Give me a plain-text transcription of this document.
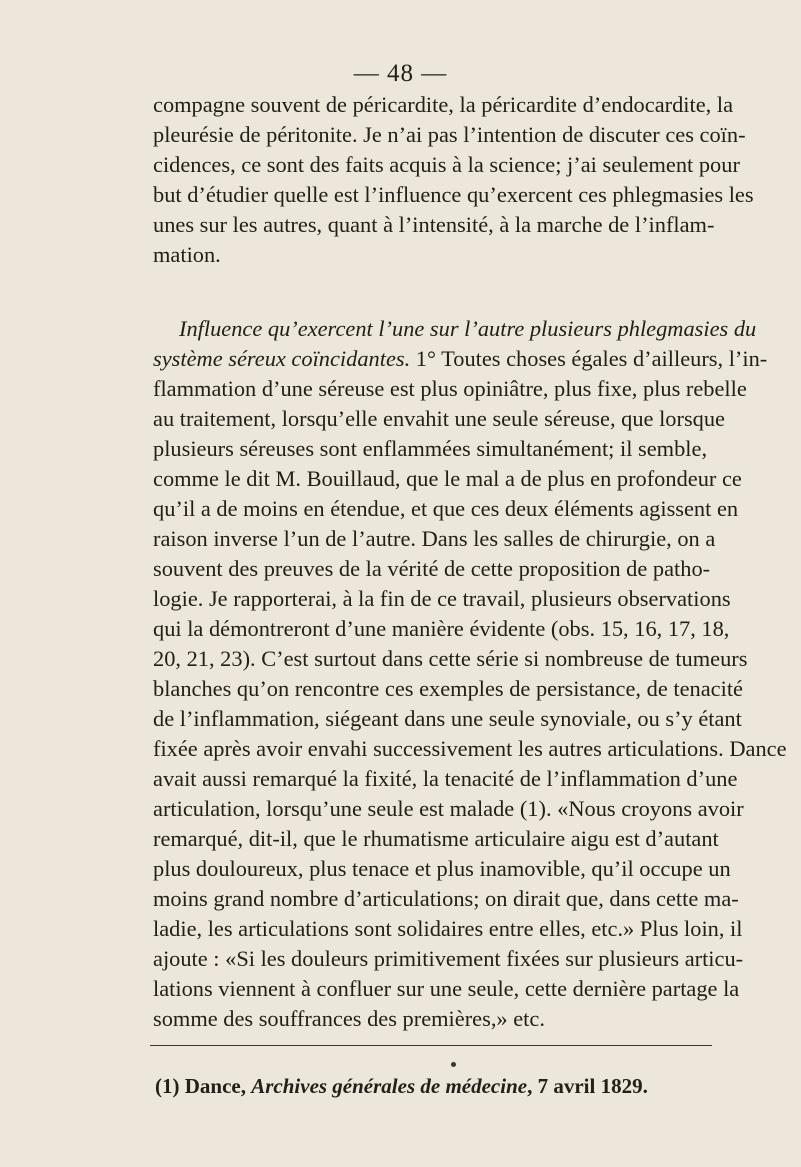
— 48 —
compagne souvent de péricardite, la péricardite d’endocardite, la
pleurésie de péritonite. Je n’ai pas l’intention de discuter ces coïn-
cidences, ce sont des faits acquis à la science; j’ai seulement pour
but d’étudier quelle est l’influence qu’exercent ces phlegmasies les
unes sur les autres, quant à l’intensité, à la marche de l’inflam-
mation.
Influence qu’exercent l’une sur l’autre plusieurs phlegmasies du
système séreux coïncidantes. 1° Toutes choses égales d’ailleurs, l’in-
flammation d’une séreuse est plus opiniâtre, plus fixe, plus rebelle
au traitement, lorsqu’elle envahit une seule séreuse, que lorsque
plusieurs séreuses sont enflammées simultanément; il semble,
comme le dit M. Bouillaud, que le mal a de plus en profondeur ce
qu’il a de moins en étendue, et que ces deux éléments agissent en
raison inverse l’un de l’autre. Dans les salles de chirurgie, on a
souvent des preuves de la vérité de cette proposition de patho-
logie. Je rapporterai, à la fin de ce travail, plusieurs observations
qui la démontreront d’une manière évidente (obs. 15, 16, 17, 18,
20, 21, 23). C’est surtout dans cette série si nombreuse de tumeurs
blanches qu’on rencontre ces exemples de persistance, de tenacité
de l’inflammation, siégeant dans une seule synoviale, ou s’y étant
fixée après avoir envahi successivement les autres articulations. Dance
avait aussi remarqué la fixité, la tenacité de l’inflammation d’une
articulation, lorsqu’une seule est malade (1). «Nous croyons avoir
remarqué, dit-il, que le rhumatisme articulaire aigu est d’autant
plus douloureux, plus tenace et plus inamovible, qu’il occupe un
moins grand nombre d’articulations; on dirait que, dans cette ma-
ladie, les articulations sont solidaires entre elles, etc.» Plus loin, il
ajoute : «Si les douleurs primitivement fixées sur plusieurs articu-
lations viennent à confluer sur une seule, cette dernière partage la
somme des souffrances des premières,» etc.
(1) Dance, Archives générales de médecine, 7 avril 1829.
